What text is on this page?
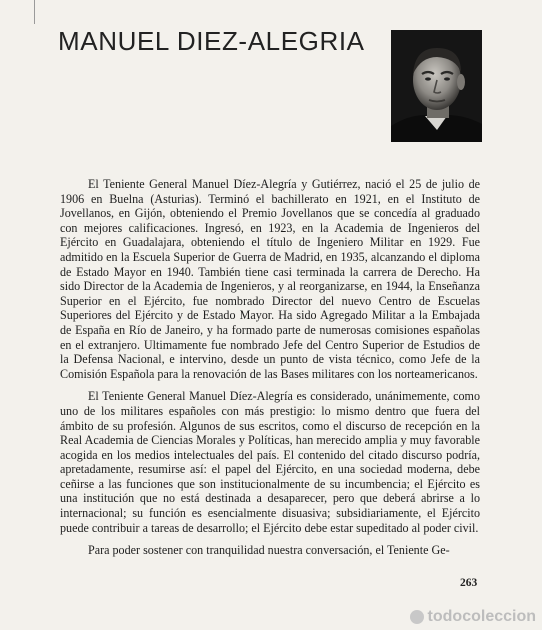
MANUEL DIEZ-ALEGRIA

El Teniente General Manuel Díez-Alegría y Gutiérrez, nació el 25 de julio de 1906 en Buelna (Asturias). Terminó el bachillerato en 1921, en el Instituto de Jovellanos, en Gijón, obteniendo el Premio Jovellanos que se concedía al graduado con mejores calificaciones. Ingresó, en 1923, en la Academia de Ingenieros del Ejército en Guadalajara, obteniendo el título de Ingeniero Militar en 1929. Fue admitido en la Escuela Superior de Guerra de Madrid, en 1935, alcanzando el diploma de Estado Mayor en 1940. También tiene casi terminada la carrera de Derecho. Ha sido Director de la Academia de Ingenieros, y al reorganizarse, en 1944, la Enseñanza Superior en el Ejército, fue nombrado Director del nuevo Centro de Escuelas Superiores del Ejército y de Estado Mayor. Ha sido Agregado Militar a la Embajada de España en Río de Janeiro, y ha formado parte de numerosas comisiones españolas en el extranjero. Ultimamente fue nombrado Jefe del Centro Superior de Estudios de la Defensa Nacional, e intervino, desde un punto de vista técnico, como Jefe de la Comisión Española para la renovación de las Bases militares con los norteamericanos.

El Teniente General Manuel Díez-Alegría es considerado, unánimemente, como uno de los militares españoles con más prestigio: lo mismo dentro que fuera del ámbito de su profesión. Algunos de sus escritos, como el discurso de recepción en la Real Academia de Ciencias Morales y Políticas, han merecido amplia y muy favorable acogida en los medios intelectuales del país. El contenido del citado discurso podría, apretadamente, resumirse así: el papel del Ejército, en una sociedad moderna, debe ceñirse a las funciones que son institucionalmente de su incumbencia; el Ejército es una institución que no está destinada a desaparecer, pero que deberá abrirse a lo internacional; su función es esencialmente disuasiva; subsidiariamente, el Ejército puede contribuir a tareas de desarrollo; el Ejército debe estar supeditado al poder civil.

Para poder sostener con tranquilidad nuestra conversación, el Teniente Ge-

263
todocoleccion
